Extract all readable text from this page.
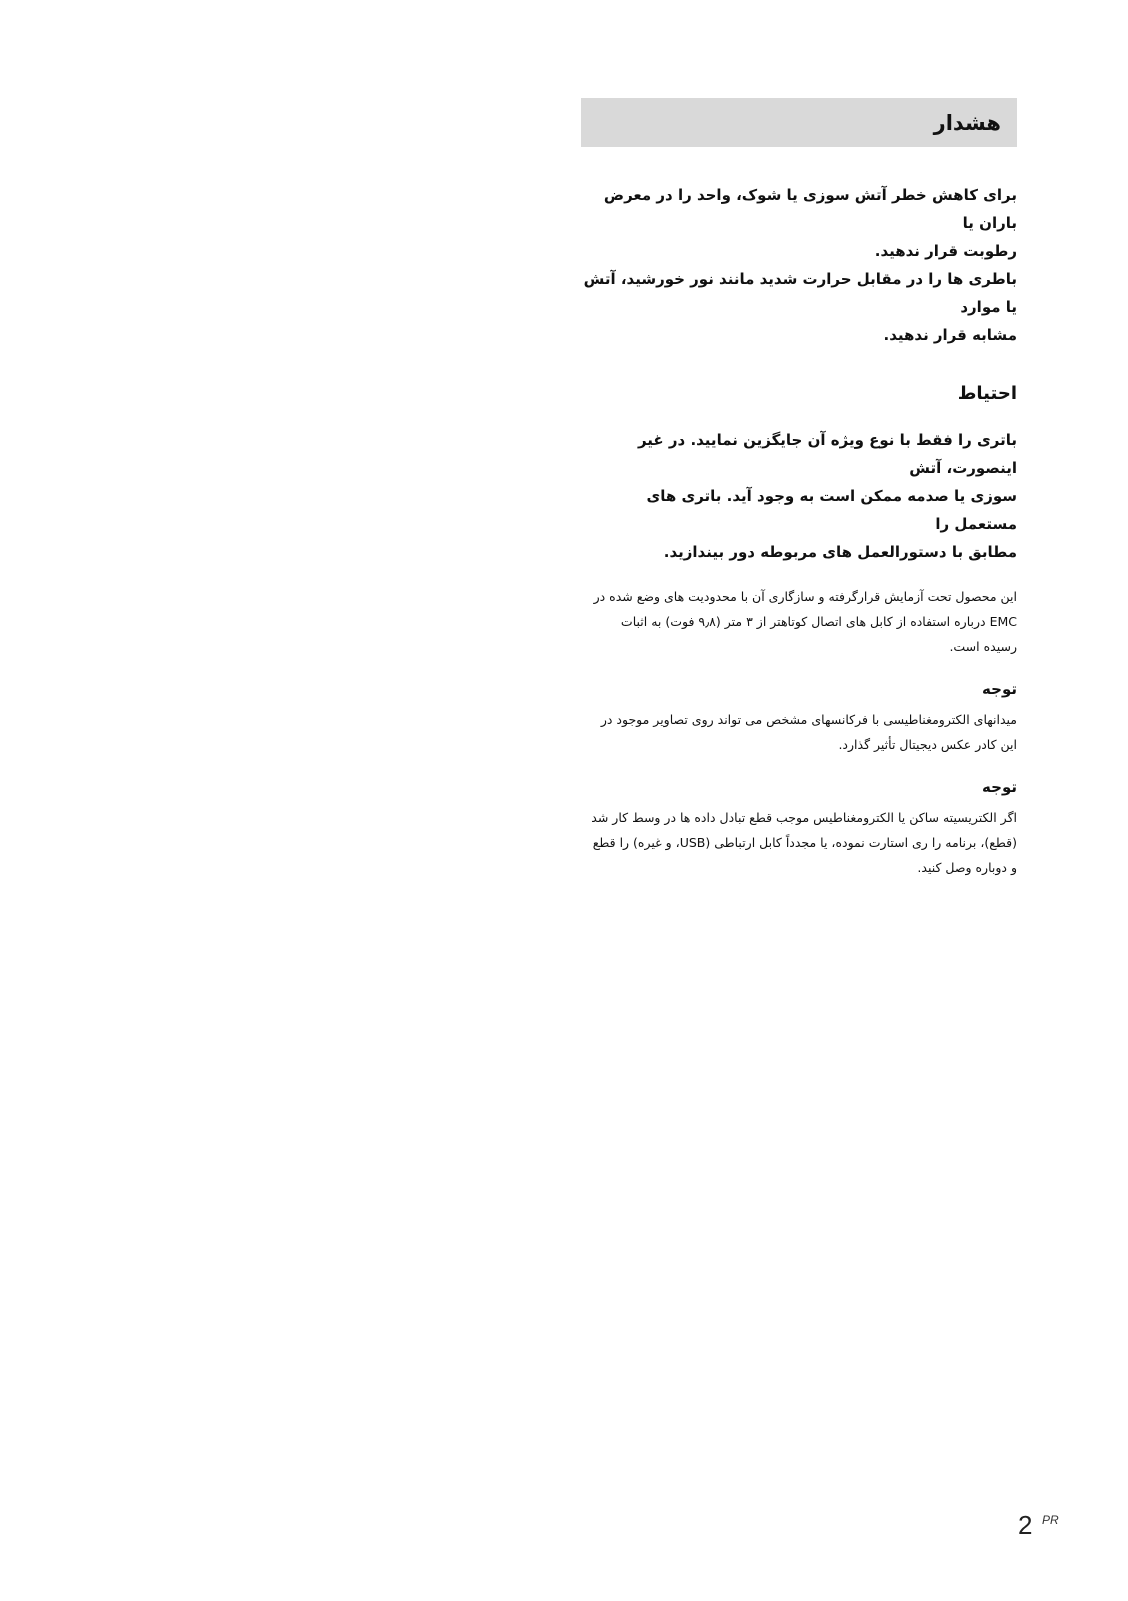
هشدار

برای کاهش خطر آتش سوزی یا شوک، واحد را در معرض باران یا

رطوبت قرار ندهید.

باطری ها را در مقابل حرارت شدید مانند نور خورشید، آتش یا موارد

مشابه قرار ندهید.

احتیاط

باتری را فقط با نوع ویژه آن جایگزین نمایید. در غیر اینصورت، آتش

سوزی یا صدمه ممکن است به وجود آید. باتری های مستعمل را

مطابق با دستورالعمل های مربوطه دور بیندازید.

این محصول تحت آزمایش قرارگرفته و سازگاری آن با محدودیت های وضع شده در

EMC درباره استفاده از کابل های اتصال کوتاهتر از ۳ متر (۹٫۸ فوت) به اثبات

رسیده است.

توجه

میدانهای الکترومغناطیسی با فرکانسهای مشخص می تواند روی تصاویر موجود در

این کادر عکس دیجیتال تأثیر گذارد.

توجه

اگر الکتریسیته ساکن یا الکترومغناطیس موجب قطع تبادل داده ها در وسط کار شد

(قطع)، برنامه را ری استارت نموده، یا مجدداً کابل ارتباطی (USB، و غیره) را قطع

و دوباره وصل کنید.

2 PR
